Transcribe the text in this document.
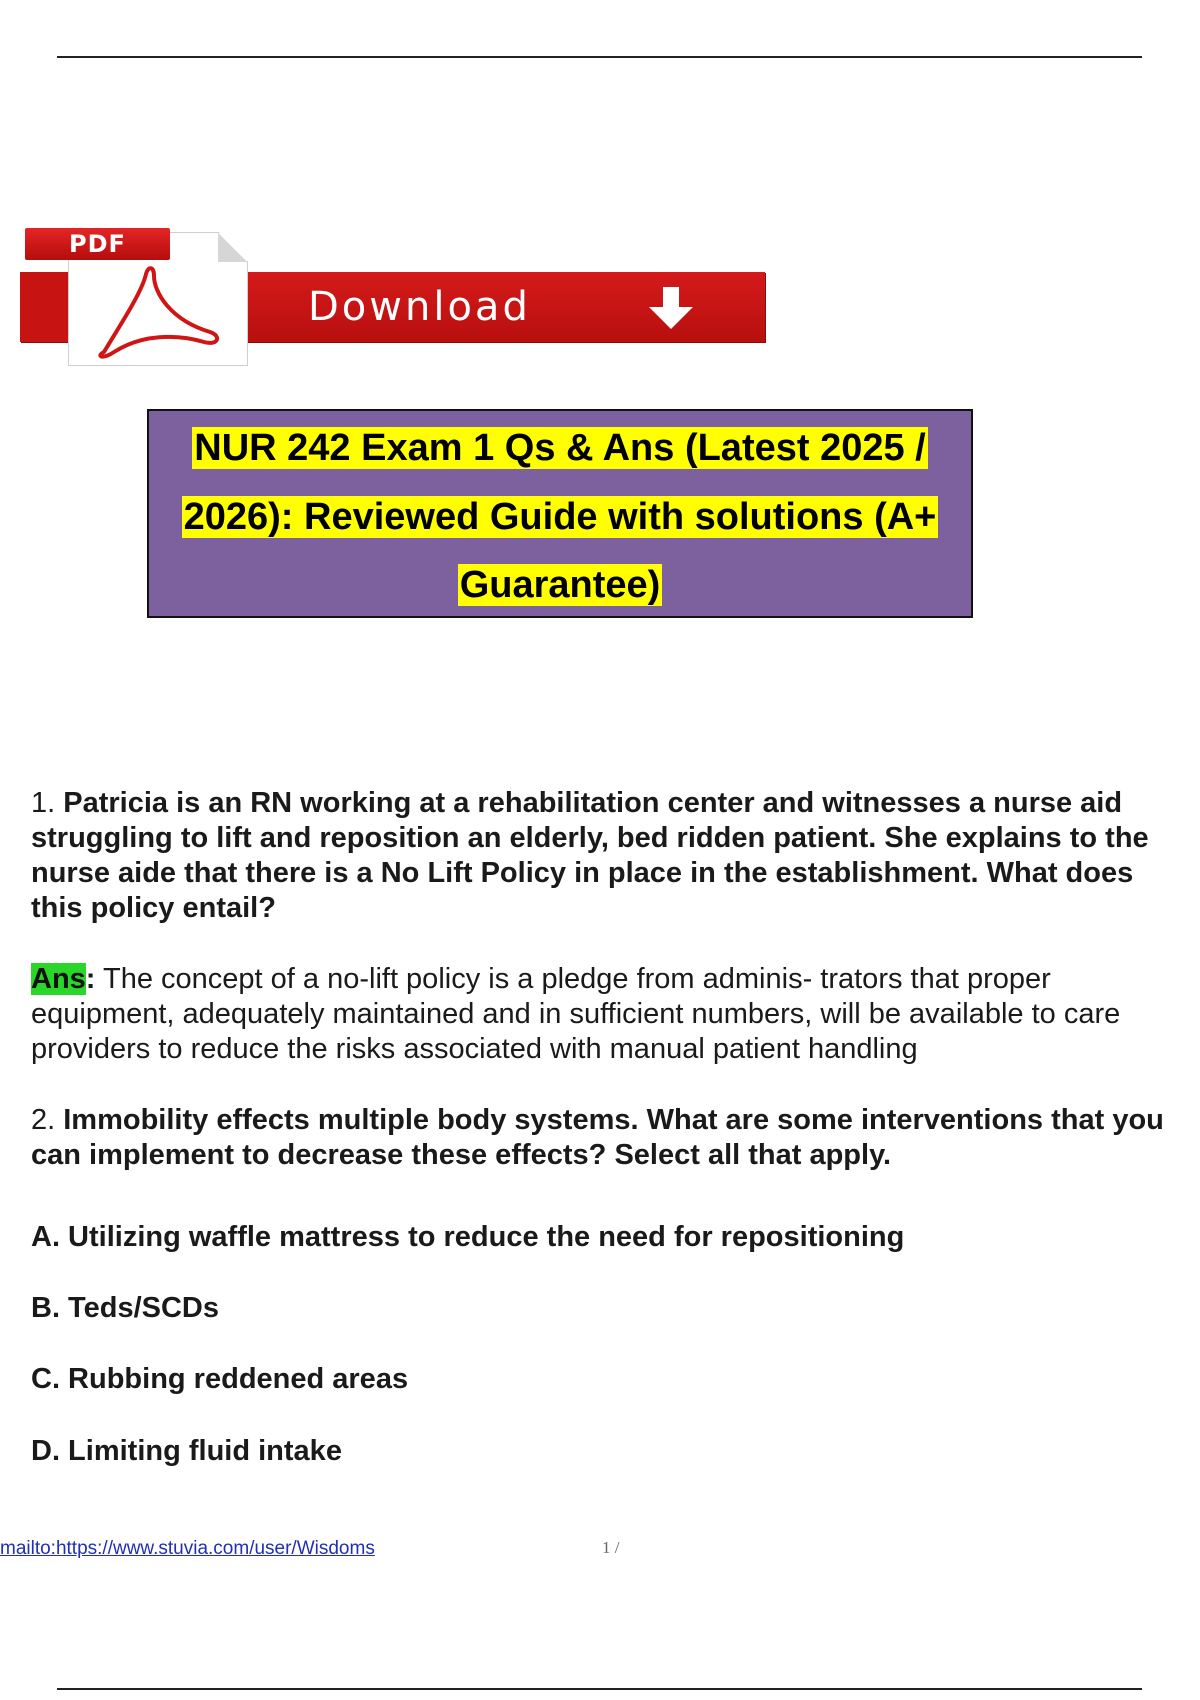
PDF
Download
NUR 242 Exam 1 Qs & Ans (Latest 2025 /
2026): Reviewed Guide with solutions (A+
Guarantee)

1. Patricia is an RN working at a rehabilitation center and witnesses a nurse aid struggling to lift and reposition an elderly, bed ridden patient. She explains to the nurse aide that there is a No Lift Policy in place in the establishment. What does this policy entail?

Ans: The concept of a no-lift policy is a pledge from adminis- trators that proper equipment, adequately maintained and in sufficient numbers, will be available to care providers to reduce the risks associated with manual patient handling

2. Immobility effects multiple body systems. What are some interventions that you can implement to decrease these effects? Select all that apply.

A. Utilizing waffle mattress to reduce the need for repositioning

B. Teds/SCDs

C. Rubbing reddened areas

D. Limiting fluid intake

mailto:https://www.stuvia.com/user/Wisdoms	1 /
